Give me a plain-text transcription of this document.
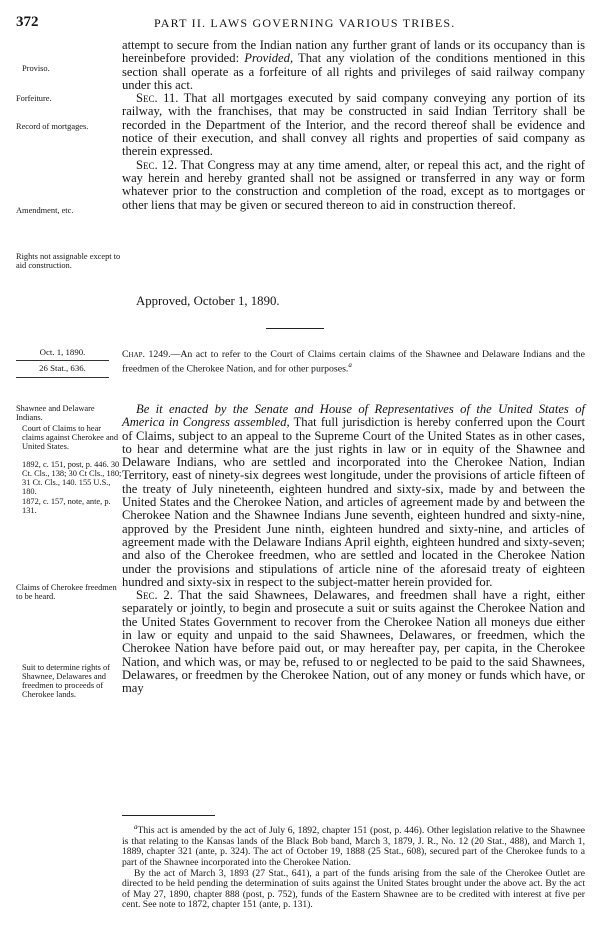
372	PART II. LAWS GOVERNING VARIOUS TRIBES.
Proviso.
Forfeiture.
Record of mortgages.
Amendment, etc.
Rights not assignable except to aid construction.
Shawnee and Delaware Indians.
Court of Claims to hear claims against Cherokee and United States.
1892, c. 151, post, p. 446. 30 Ct. Cls., 138; 30 Ct Cls., 180; 31 Ct. Cls., 140. 155 U.S., 180.
1872, c. 157, note, ante, p. 131.
Claims of Cherokee freedmen to be heard.
Suit to determine rights of Shawnee, Delawares and freedmen to proceeds of Cherokee lands.

attempt to secure from the Indian nation any further grant of lands or its occupancy than is hereinbefore provided: Provided, That any violation of the conditions mentioned in this section shall operate as a forfeiture of all rights and privileges of said railway company under this act.

Sec. 11. That all mortgages executed by said company conveying any portion of its railway, with the franchises, that may be constructed in said Indian Territory shall be recorded in the Department of the Interior, and the record thereof shall be evidence and notice of their execution, and shall convey all rights and properties of said company as therein expressed.

Sec. 12. That Congress may at any time amend, alter, or repeal this act, and the right of way herein and hereby granted shall not be assigned or transferred in any way or form whatever prior to the construction and completion of the road, except as to mortgages or other liens that may be given or secured thereon to aid in construction thereof.

Approved, October 1, 1890.
Oct. 1, 1890.
26 Stat., 636.
Chap. 1249.—An act to refer to the Court of Claims certain claims of the Shawnee and Delaware Indians and the freedmen of the Cherokee Nation, and for other purposes.$^a$

Be it enacted by the Senate and House of Representatives of the United States of America in Congress assembled, That full jurisdiction is hereby conferred upon the Court of Claims, subject to an appeal to the Supreme Court of the United States as in other cases, to hear and determine what are the just rights in law or in equity of the Shawnee and Delaware Indians, who are settled and incorporated into the Cherokee Nation, Indian Territory, east of ninety-six degrees west longitude, under the provisions of article fifteen of the treaty of July nineteenth, eighteen hundred and sixty-six, made by and between the United States and the Cherokee Nation, and articles of agreement made by and between the Cherokee Nation and the Shawnee Indians June seventh, eighteen hundred and sixty-nine, approved by the President June ninth, eighteen hundred and sixty-nine, and articles of agreement made with the Delaware Indians April eighth, eighteen hundred and sixty-seven; and also of the Cherokee freedmen, who are settled and located in the Cherokee Nation under the provisions and stipulations of article nine of the aforesaid treaty of eighteen hundred and sixty-six in respect to the subject-matter herein provided for.

Sec. 2. That the said Shawnees, Delawares, and freedmen shall have a right, either separately or jointly, to begin and prosecute a suit or suits against the Cherokee Nation and the United States Government to recover from the Cherokee Nation all moneys due either in law or equity and unpaid to the said Shawnees, Delawares, or freedmen, which the Cherokee Nation have before paid out, or may hereafter pay, per capita, in the Cherokee Nation, and which was, or may be, refused to or neglected to be paid to the said Shawnees, Delawares, or freedmen by the Cherokee Nation, out of any money or funds which have, or may

$^a$This act is amended by the act of July 6, 1892, chapter 151 (post, p. 446). Other legislation relative to the Shawnee is that relating to the Kansas lands of the Black Bob band, March 3, 1879, J. R., No. 12 (20 Stat., 488), and March 1, 1889, chapter 321 (ante, p. 324). The act of October 19, 1888 (25 Stat., 608), secured part of the Cherokee funds to a part of the Shawnee incorporated into the Cherokee Nation.

By the act of March 3, 1893 (27 Stat., 641), a part of the funds arising from the sale of the Cherokee Outlet are directed to be held pending the determination of suits against the United States brought under the above act. By the act of May 27, 1890, chapter 888 (post, p. 752), funds of the Eastern Shawnee are to be credited with interest at five per cent. See note to 1872, chapter 151 (ante, p. 131).
